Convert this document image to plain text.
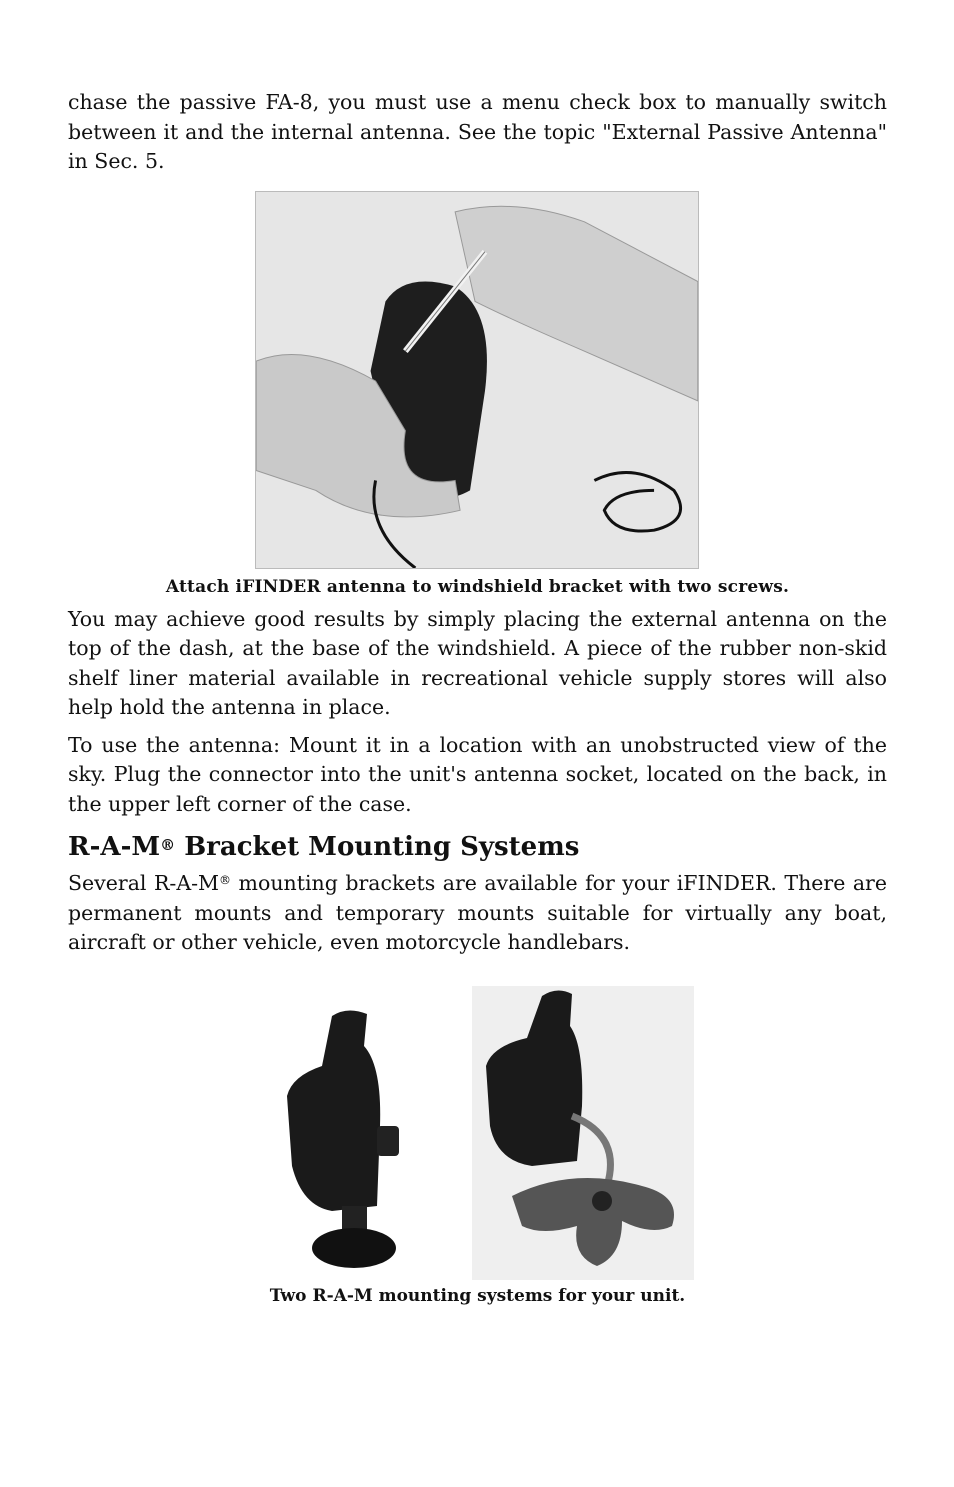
chase the passive FA-8, you must use a menu check box to manually switch between it and the internal antenna. See the topic "External Passive Antenna" in Sec. 5.

Attach iFINDER antenna to windshield bracket with two screws.

You may achieve good results by simply placing the external antenna on the top of the dash, at the base of the windshield. A piece of the rubber non-skid shelf liner material available in recreational vehicle supply stores will also help hold the antenna in place.

To use the antenna: Mount it in a location with an unobstructed view of the sky. Plug the connector into the unit's antenna socket, located on the back, in the upper left corner of the case.

R-A-M® Bracket Mounting Systems

Several R-A-M® mounting brackets are available for your iFINDER. There are permanent mounts and temporary mounts suitable for virtually any boat, aircraft or other vehicle, even motorcycle handlebars.

Two R-A-M mounting systems for your unit.
